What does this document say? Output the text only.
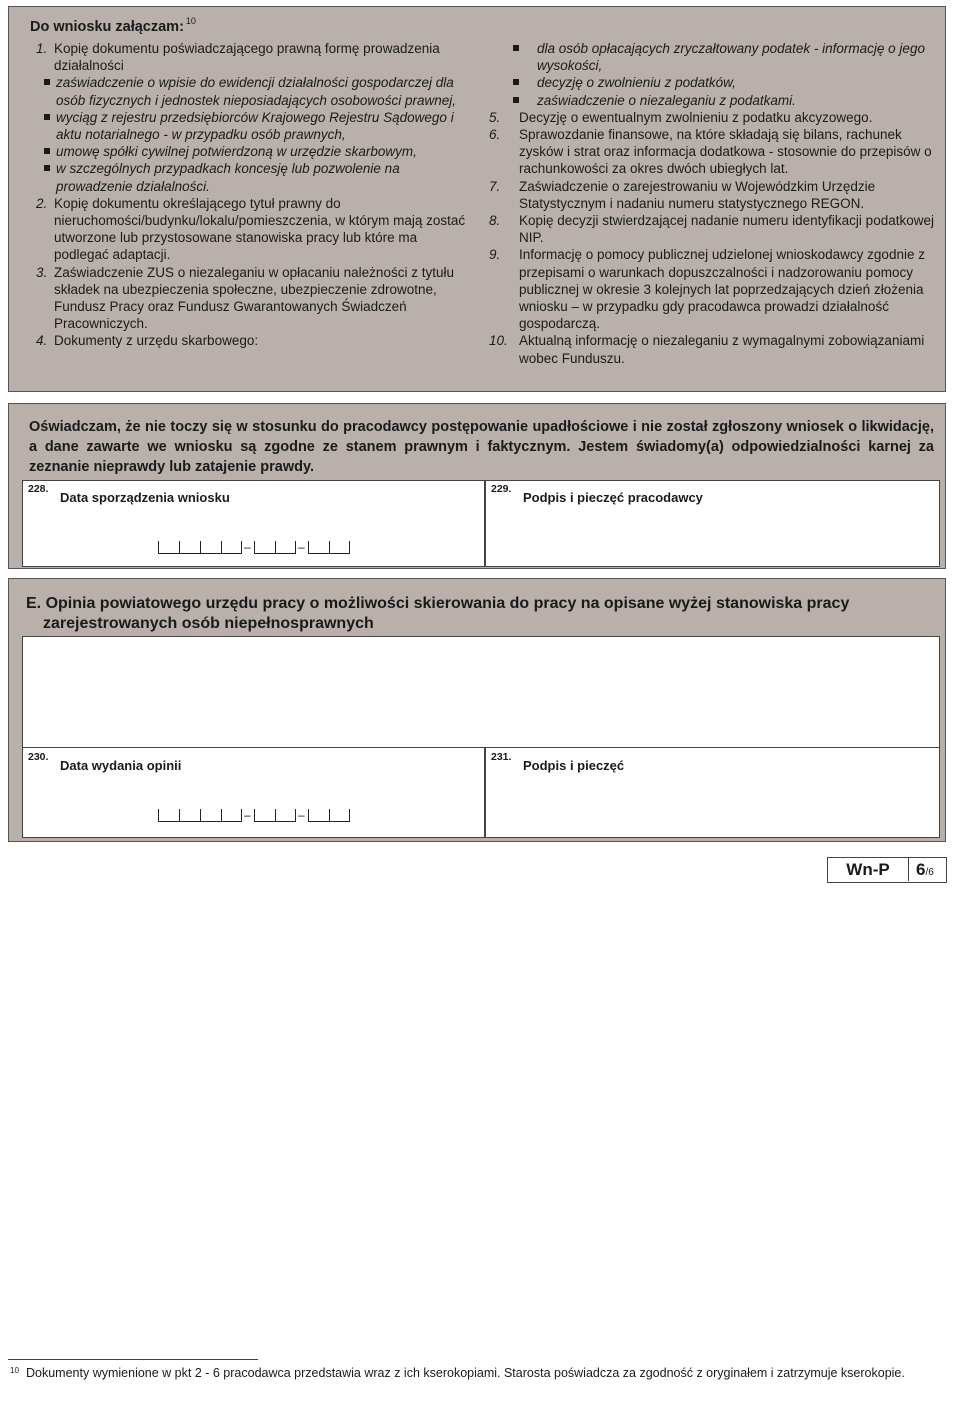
Do wniosku załączam: $^{10}$
1. Kopię dokumentu poświadczającego prawną formę prowadzenia działalności
zaświadczenie o wpisie do ewidencji działalności gospodarczej dla osób fizycznych i jednostek nieposiadających osobowości prawnej,
wyciąg z rejestru przedsiębiorców Krajowego Rejestru Sądowego i aktu notarialnego - w przypadku osób prawnych,
umowę spółki cywilnej potwierdzoną w urzędzie skarbowym,
w szczególnych przypadkach koncesję lub pozwolenie na prowadzenie działalności.
2. Kopię dokumentu określającego tytuł prawny do nieruchomości/budynku/lokalu/pomieszczenia, w którym mają zostać utworzone lub przystosowane stanowiska pracy lub które ma podlegać adaptacji.
3. Zaświadczenie ZUS o niezaleganiu w opłacaniu należności z tytułu składek na ubezpieczenia społeczne, ubezpieczenie zdrowotne, Fundusz Pracy oraz Fundusz Gwarantowanych Świadczeń Pracowniczych.
4. Dokumenty z urzędu skarbowego:
dla osób opłacających zryczałtowany podatek - informację o jego wysokości,
decyzję o zwolnieniu z podatków,
zaświadczenie o niezaleganiu z podatkami.
5. Decyzję o ewentualnym zwolnieniu z podatku akcyzowego.
6. Sprawozdanie finansowe, na które składają się bilans, rachunek zysków i strat oraz informacja dodatkowa - stosownie do przepisów o rachunkowości za okres dwóch ubiegłych lat.
7. Zaświadczenie o zarejestrowaniu w Wojewódzkim Urzędzie Statystycznym i nadaniu numeru statystycznego REGON.
8. Kopię decyzji stwierdzającej nadanie numeru identyfikacji podatkowej NIP.
9. Informację o pomocy publicznej udzielonej wnioskodawcy zgodnie z przepisami o warunkach dopuszczalności i nadzorowaniu pomocy publicznej w okresie 3 kolejnych lat poprzedzających dzień złożenia wniosku – w przypadku gdy pracodawca prowadzi działalność gospodarczą.
10. Aktualną informację o niezaleganiu z wymagalnymi zobowiązaniami wobec Funduszu.
Oświadczam, że nie toczy się w stosunku do pracodawcy postępowanie upadłościowe i nie został zgłoszony wniosek o likwidację, a dane zawarte we wniosku są zgodne ze stanem prawnym i faktycznym. Jestem świadomy(a) odpowiedzialności karnej za zeznanie nieprawdy lub zatajenie prawdy.
228.
Data sporządzenia wniosku
–	–
229.
Podpis i pieczęć pracodawcy
E. Opinia powiatowego urzędu pracy o możliwości skierowania do pracy na opisane wyżej stanowiska pracy
zarejestrowanych osób niepełnosprawnych
230.
Data wydania opinii
–	–
231.
Podpis i pieczęć
Wn-P	6/6
10 Dokumenty wymienione w pkt 2 - 6 pracodawca przedstawia wraz z ich kserokopiami. Starosta poświadcza za zgodność z oryginałem i zatrzymuje kserokopie.
